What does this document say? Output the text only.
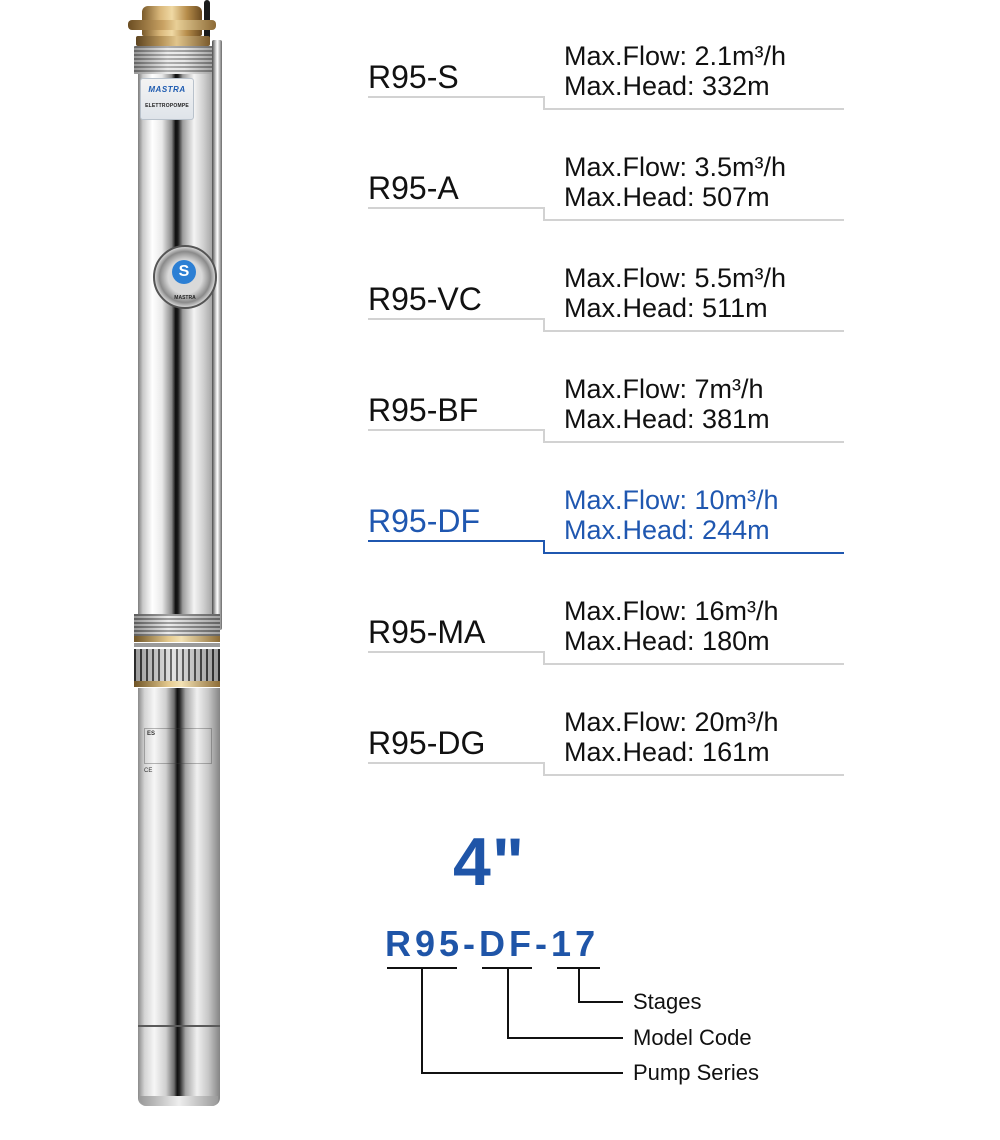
MASTRA
ELETTROPOMPE
S
MASTRA
ES
CE
R95-S
Max.Flow: 2.1m³/h
Max.Head: 332m
R95-A
Max.Flow: 3.5m³/h
Max.Head: 507m
R95-VC
Max.Flow: 5.5m³/h
Max.Head: 511m
R95-BF
Max.Flow: 7m³/h
Max.Head: 381m
R95-DF
Max.Flow: 10m³/h
Max.Head: 244m
R95-MA
Max.Flow: 16m³/h
Max.Head: 180m
R95-DG
Max.Flow: 20m³/h
Max.Head: 161m
4"
R95-DF-17
Stages
Model Code
Pump Series
